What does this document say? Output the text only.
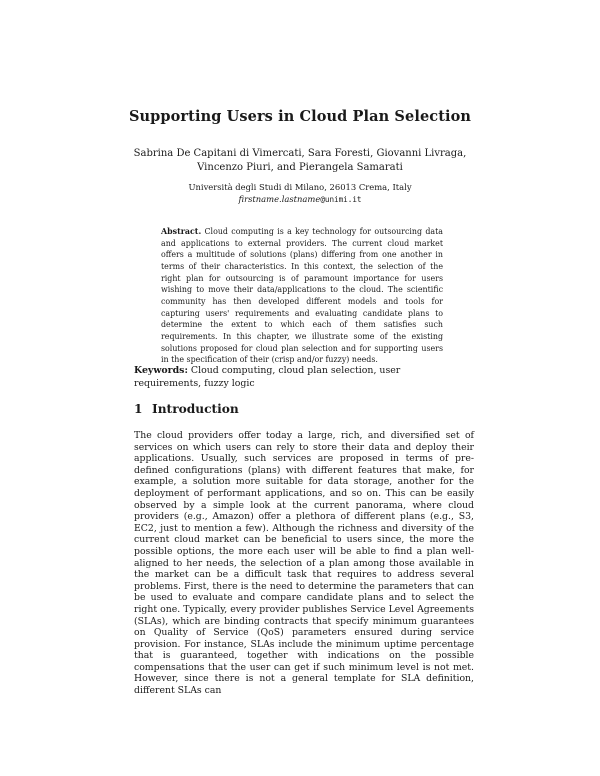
Supporting Users in Cloud Plan Selection
Sabrina De Capitani di Vimercati, Sara Foresti, Giovanni Livraga,
Vincenzo Piuri, and Pierangela Samarati
Università degli Studi di Milano, 26013 Crema, Italy
firstname.lastname@unimi.it

Abstract. Cloud computing is a key technology for outsourcing data and applications to external providers. The current cloud market offers a multitude of solutions (plans) differing from one another in terms of their characteristics. In this context, the selection of the right plan for outsourcing is of paramount importance for users wishing to move their data/applications to the cloud. The scientific community has then developed different models and tools for capturing users' requirements and evaluating candidate plans to determine the extent to which each of them satisfies such requirements. In this chapter, we illustrate some of the existing solutions proposed for cloud plan selection and for supporting users in the specification of their (crisp and/or fuzzy) needs.

Keywords: Cloud computing, cloud plan selection, user requirements, fuzzy logic

1 Introduction

The cloud providers offer today a large, rich, and diversified set of services on which users can rely to store their data and deploy their applications. Usually, such services are proposed in terms of pre-defined configurations (plans) with different features that make, for example, a solution more suitable for data storage, another for the deployment of performant applications, and so on. This can be easily observed by a simple look at the current panorama, where cloud providers (e.g., Amazon) offer a plethora of different plans (e.g., S3, EC2, just to mention a few). Although the richness and diversity of the current cloud market can be beneficial to users since, the more the possible options, the more each user will be able to find a plan well-aligned to her needs, the selection of a plan among those available in the market can be a difficult task that requires to address several problems. First, there is the need to determine the parameters that can be used to evaluate and compare candidate plans and to select the right one. Typically, every provider publishes Service Level Agreements (SLAs), which are binding contracts that specify minimum guarantees on Quality of Service (QoS) parameters ensured during service provision. For instance, SLAs include the minimum uptime percentage that is guaranteed, together with indications on the possible compensations that the user can get if such minimum level is not met. However, since there is not a general template for SLA definition, different SLAs can
